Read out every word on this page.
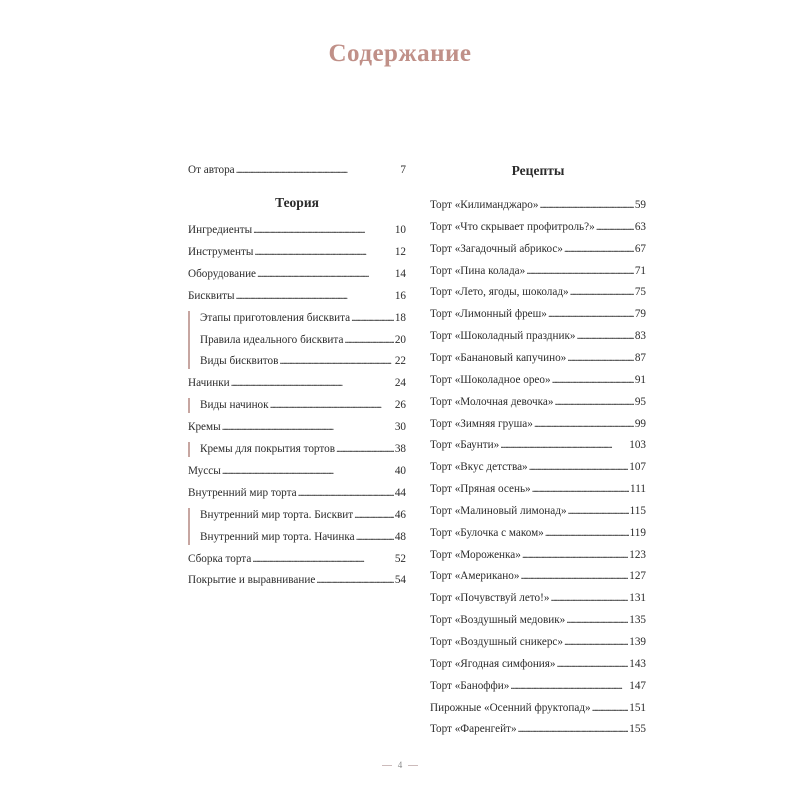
Содержание
От автора . . .	7
Теория
Ингредиенты . . .	10
Инструменты . . .	12
Оборудование . . .	14
Бисквиты . . .	16
Этапы приготовления бисквита . . .	18
Правила идеального бисквита . . .	20
Виды бисквитов . . .	22
Начинки . . .	24
Виды начинок . . .	26
Кремы . . .	30
Кремы для покрытия тортов . . .	38
Муссы . . .	40
Внутренний мир торта . . .	44
Внутренний мир торта. Бисквит . . .	46
Внутренний мир торта. Начинка . . .	48
Сборка торта . . .	52
Покрытие и выравнивание . . .	54
Рецепты
Торт «Килиманджаро» . . .	59
Торт «Что скрывает профитроль?» . . .	63
Торт «Загадочный абрикос» . . .	67
Торт «Пина колада» . . .	71
Торт «Лето, ягоды, шоколад» . . .	75
Торт «Лимонный фреш» . . .	79
Торт «Шоколадный праздник» . . .	83
Торт «Банановый капучино» . . .	87
Торт «Шоколадное орео» . . .	91
Торт «Молочная девочка» . . .	95
Торт «Зимняя груша» . . .	99
Торт «Баунти» . . .	103
Торт «Вкус детства» . . .	107
Торт «Пряная осень» . . .	111
Торт «Малиновый лимонад» . . .	115
Торт «Булочка с маком» . . .	119
Торт «Мороженка» . . .	123
Торт «Американо» . . .	127
Торт «Почувствуй лето!» . . .	131
Торт «Воздушный медовик» . . .	135
Торт «Воздушный сникерс» . . .	139
Торт «Ягодная симфония» . . .	143
Торт «Баноффи» . . .	147
Пирожные «Осенний фруктопад» . . .	151
Торт «Фаренгейт» . . .	155
4
